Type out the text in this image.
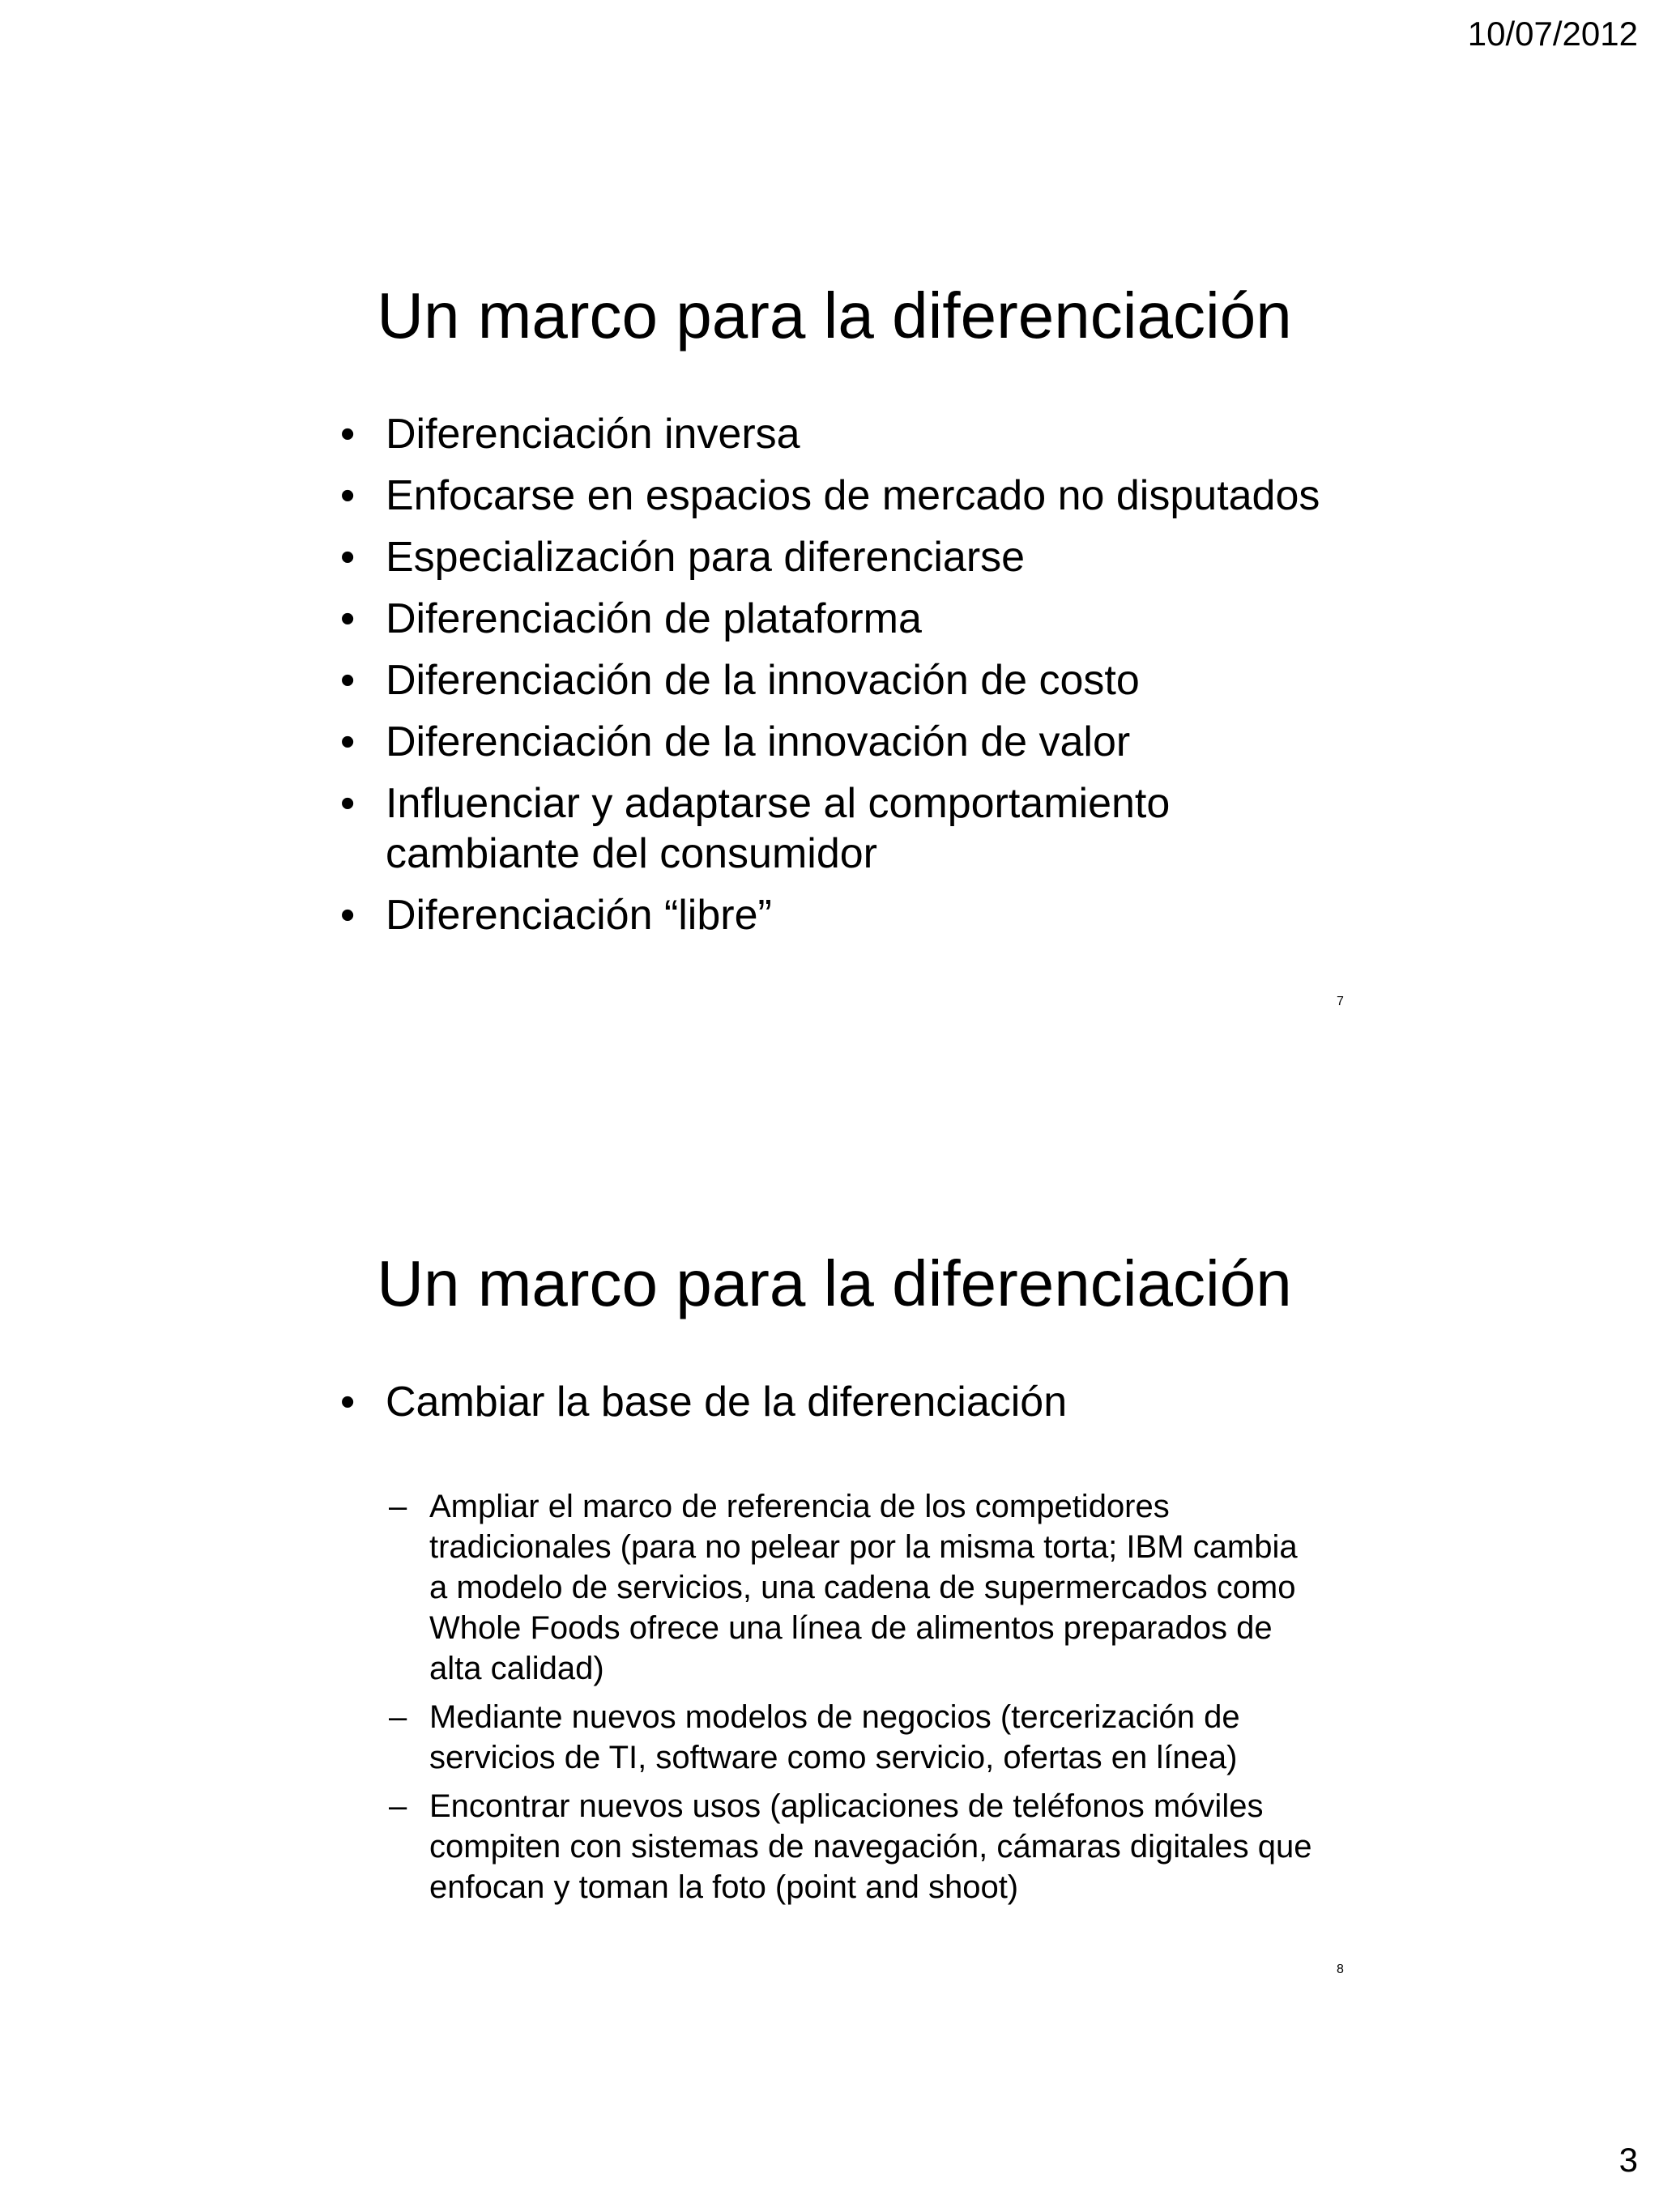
10/07/2012
Un marco para la diferenciación
• Diferenciación inversa
• Enfocarse en espacios de mercado no disputados
• Especialización para diferenciarse
• Diferenciación de plataforma
• Diferenciación de la innovación de costo
• Diferenciación de la innovación de valor
• Influenciar y adaptarse al comportamiento cambiante del consumidor
• Diferenciación “libre”
7
Un marco para la diferenciación
• Cambiar la base de la diferenciación
– Ampliar el marco de referencia de los competidores tradicionales (para no pelear por la misma torta; IBM cambia a modelo de servicios, una cadena de supermercados como Whole Foods ofrece una línea de alimentos preparados de alta calidad)
– Mediante nuevos modelos de negocios (tercerización de servicios de TI, software como servicio, ofertas en línea)
– Encontrar nuevos usos (aplicaciones de teléfonos móviles compiten con sistemas de navegación, cámaras digitales que enfocan y toman la foto (point and shoot)
8
3
